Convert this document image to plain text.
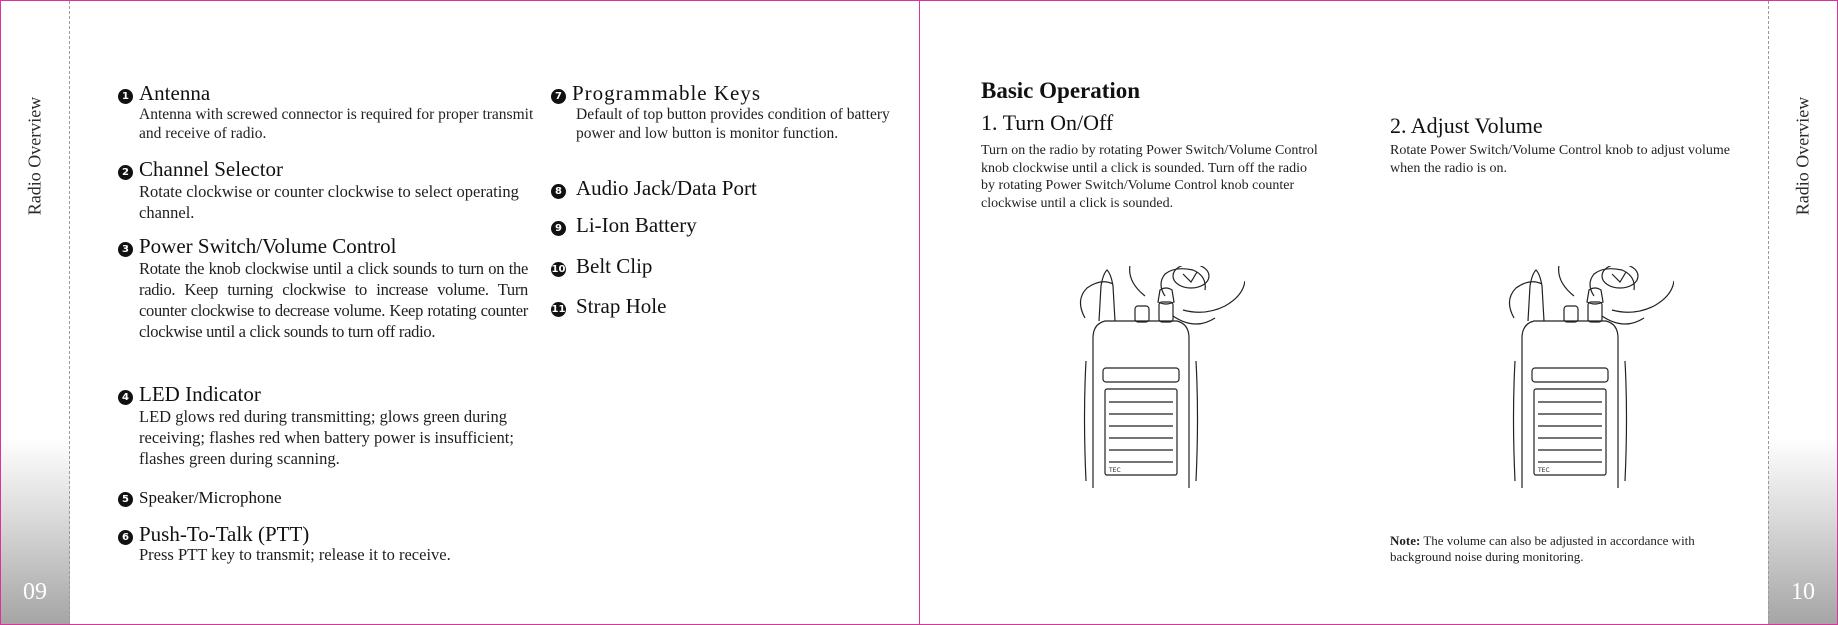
Radio Overview
09
1 Antenna
Antenna with screwed connector is required for proper transmit and receive of radio.
2 Channel Selector
Rotate clockwise or counter clockwise to select operating channel.
3 Power Switch/Volume Control
Rotate the knob clockwise until a click sounds to turn on the radio. Keep turning clockwise to increase volume. Turn counter clockwise to decrease volume. Keep rotating counter clockwise until a click sounds to turn off radio.
4 LED Indicator
LED glows red during transmitting; glows green during receiving; flashes red when battery power is insufficient; flashes green during scanning.
5 Speaker/Microphone
6 Push-To-Talk (PTT)
Press PTT key to transmit; release it to receive.
7 Programmable Keys
Default of top button provides condition of battery power and low button is monitor function.
8 Audio Jack/Data Port
9 Li-Ion Battery
10 Belt Clip
11 Strap Hole
Radio Overview
10
Basic Operation
1. Turn On/Off
Turn on the radio by rotating Power Switch/Volume Control knob clockwise until a click is sounded. Turn off the radio by rotating Power Switch/Volume Control knob counter clockwise until a click is sounded.
2. Adjust Volume
Rotate Power Switch/Volume Control knob to adjust volume when the radio is on.
Note: The volume can also be adjusted in accordance with background noise during monitoring.
TEC	TEC
